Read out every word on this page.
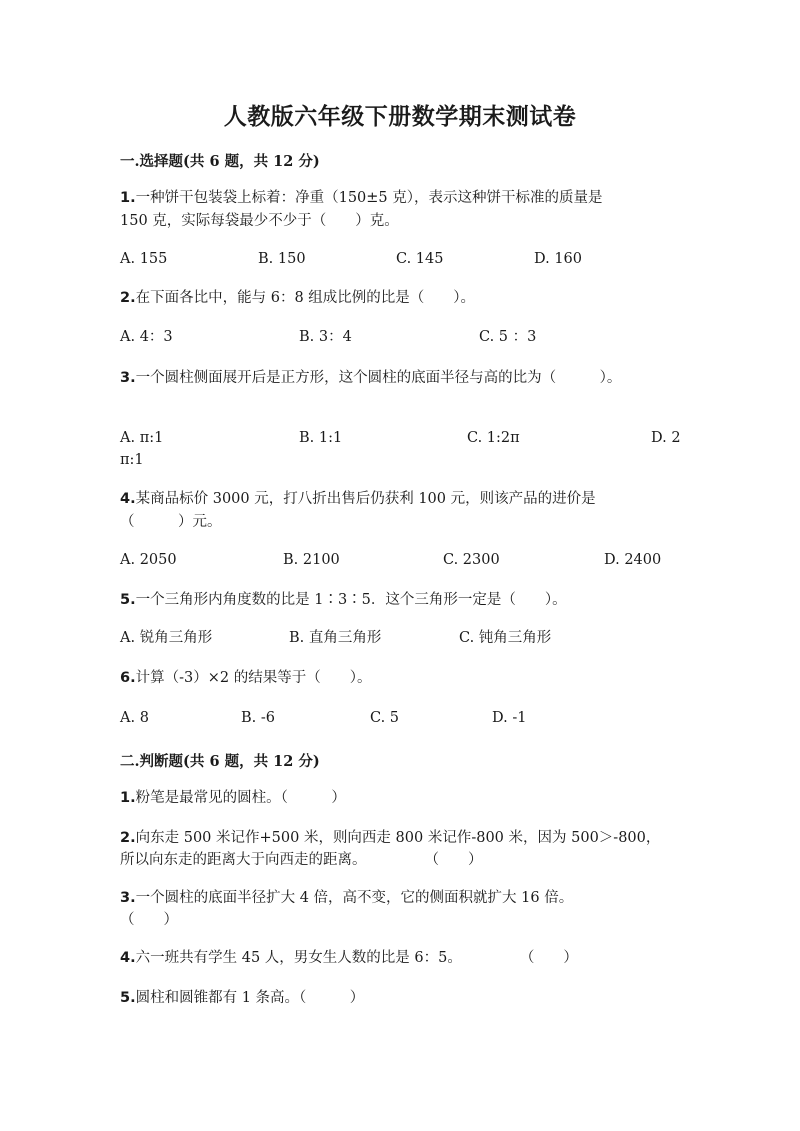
人教版六年级下册数学期末测试卷
一.选择题(共 6 题，共 12 分)
1.一种饼干包装袋上标着：净重（150±5 克），表示这种饼干标准的质量是
150 克，实际每袋最少不少于（　　）克。
A. 155	B. 150	C. 145	D. 160
2.在下面各比中，能与 6：8 组成比例的比是（　　）。
A. 4：3	B. 3：4	C. 5 ：3
3.一个圆柱侧面展开后是正方形，这个圆柱的底面半径与高的比为（　　　）。
A. π:1	B. 1:1	C. 1:2π	D. 2
π:1
4.某商品标价 3000 元，打八折出售后仍获利 100 元，则该产品的进价是
（　　　）元。
A. 2050	B. 2100	C. 2300	D. 2400
5.一个三角形内角度数的比是 1∶3∶5．这个三角形一定是（　　）。
A. 锐角三角形	B. 直角三角形	C. 钝角三角形
6.计算（-3）×2 的结果等于（　　）。
A. 8	B. -6	C. 5	D. -1
二.判断题(共 6 题，共 12 分)
1.粉笔是最常见的圆柱。（　　　）
2.向东走 500 米记作+500 米，则向西走 800 米记作-800 米，因为 500＞-800，
所以向东走的距离大于向西走的距离。　　　　　（　　）
3.一个圆柱的底面半径扩大 4 倍，高不变，它的侧面积就扩大 16 倍。
（　　）
4.六一班共有学生 45 人，男女生人数的比是 6：5。　　　　　（　　）
5.圆柱和圆锥都有 1 条高。（　　　）
